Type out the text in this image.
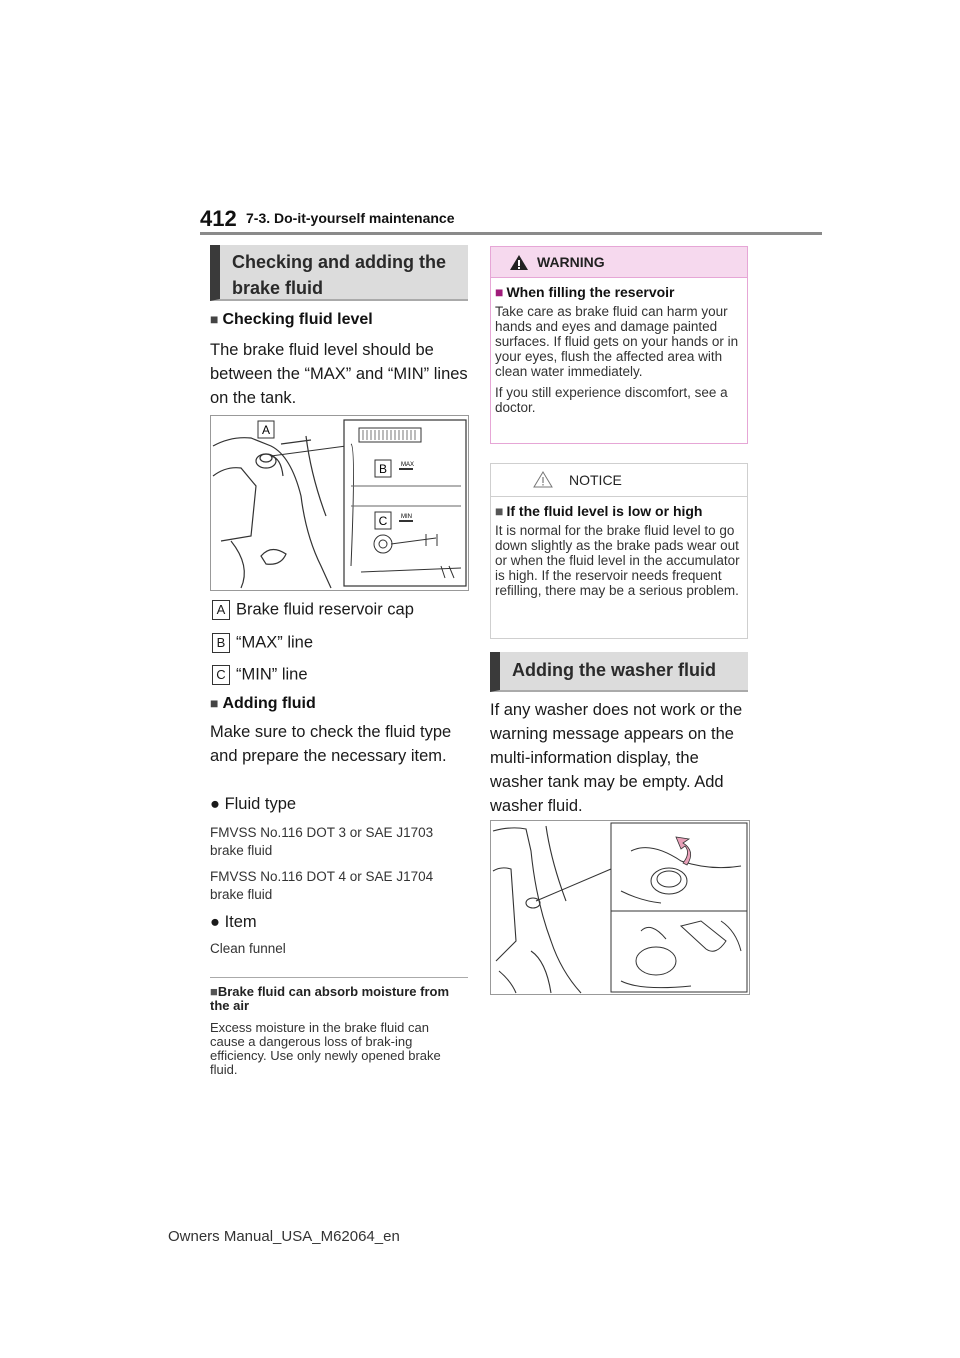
412 7-3. Do-it-yourself maintenance
Checking and adding the brake fluid
■ Checking fluid level
The brake fluid level should be between the “MAX” and “MIN” lines on the tank.
A
B
C
MAX
MIN
A Brake fluid reservoir cap
B “MAX” line
C “MIN” line
■ Adding fluid
Make sure to check the fluid type and prepare the necessary item.
● Fluid type
FMVSS No.116 DOT 3 or SAE J1703 brake fluid
FMVSS No.116 DOT 4 or SAE J1704 brake fluid
● Item
Clean funnel
■Brake fluid can absorb moisture from the air
Excess moisture in the brake fluid can cause a dangerous loss of brak-ing efficiency. Use only newly opened brake fluid.
WARNING
■ When filling the reservoir

Take care as brake fluid can harm your hands and eyes and damage painted surfaces. If fluid gets on your hands or in your eyes, flush the affected area with clean water immediately.

If you still experience discomfort, see a doctor.

NOTICE
■ If the fluid level is low or high

It is normal for the brake fluid level to go down slightly as the brake pads wear out or when the fluid level in the accumulator is high. If the reservoir needs frequent refilling, there may be a serious problem.

Adding the washer fluid
If any washer does not work or the warning message appears on the multi-information display, the washer tank may be empty. Add washer fluid.
Owners Manual_USA_M62064_en
